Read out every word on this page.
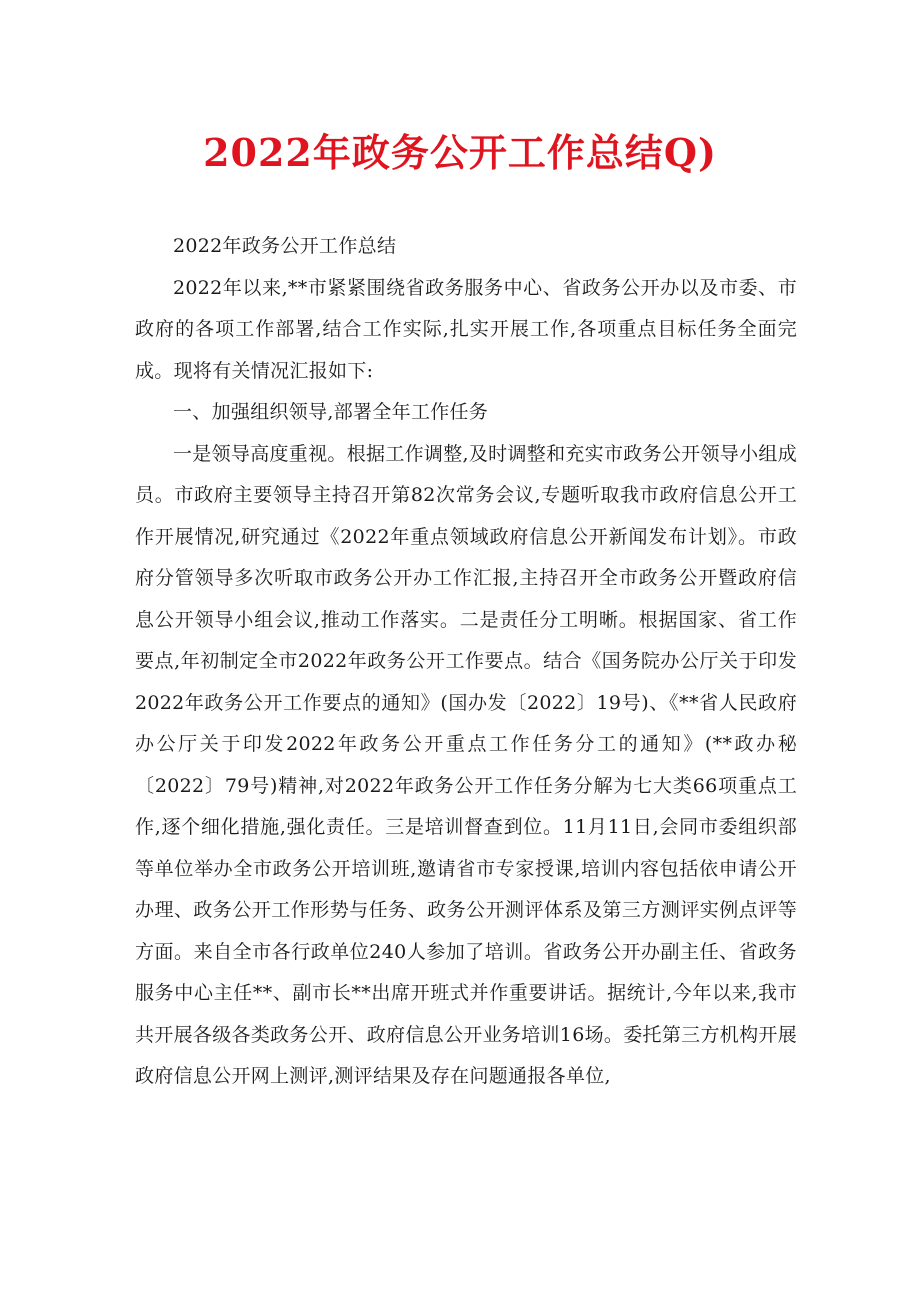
2022年政务公开工作总结Q)

2022年政务公开工作总结

2022年以来,**市紧紧围绕省政务服务中心、省政务公开办以及市委、市政府的各项工作部署,结合工作实际,扎实开展工作,各项重点目标任务全面完成。现将有关情况汇报如下:

一、加强组织领导,部署全年工作任务

一是领导高度重视。根据工作调整,及时调整和充实市政务公开领导小组成员。市政府主要领导主持召开第82次常务会议,专题听取我市政府信息公开工作开展情况,研究通过《2022年重点领域政府信息公开新闻发布计划》。市政府分管领导多次听取市政务公开办工作汇报,主持召开全市政务公开暨政府信息公开领导小组会议,推动工作落实。二是责任分工明晰。根据国家、省工作要点,年初制定全市2022年政务公开工作要点。结合《国务院办公厅关于印发2022年政务公开工作要点的通知》(国办发〔2022〕19号)、《**省人民政府办公厅关于印发2022年政务公开重点工作任务分工的通知》(**政办秘〔2022〕79号)精神,对2022年政务公开工作任务分解为七大类66项重点工作,逐个细化措施,强化责任。三是培训督查到位。11月11日,会同市委组织部等单位举办全市政务公开培训班,邀请省市专家授课,培训内容包括依申请公开办理、政务公开工作形势与任务、政务公开测评体系及第三方测评实例点评等方面。来自全市各行政单位240人参加了培训。省政务公开办副主任、省政务服务中心主任**、副市长**出席开班式并作重要讲话。据统计,今年以来,我市共开展各级各类政务公开、政府信息公开业务培训16场。委托第三方机构开展政府信息公开网上测评,测评结果及存在问题通报各单位,
